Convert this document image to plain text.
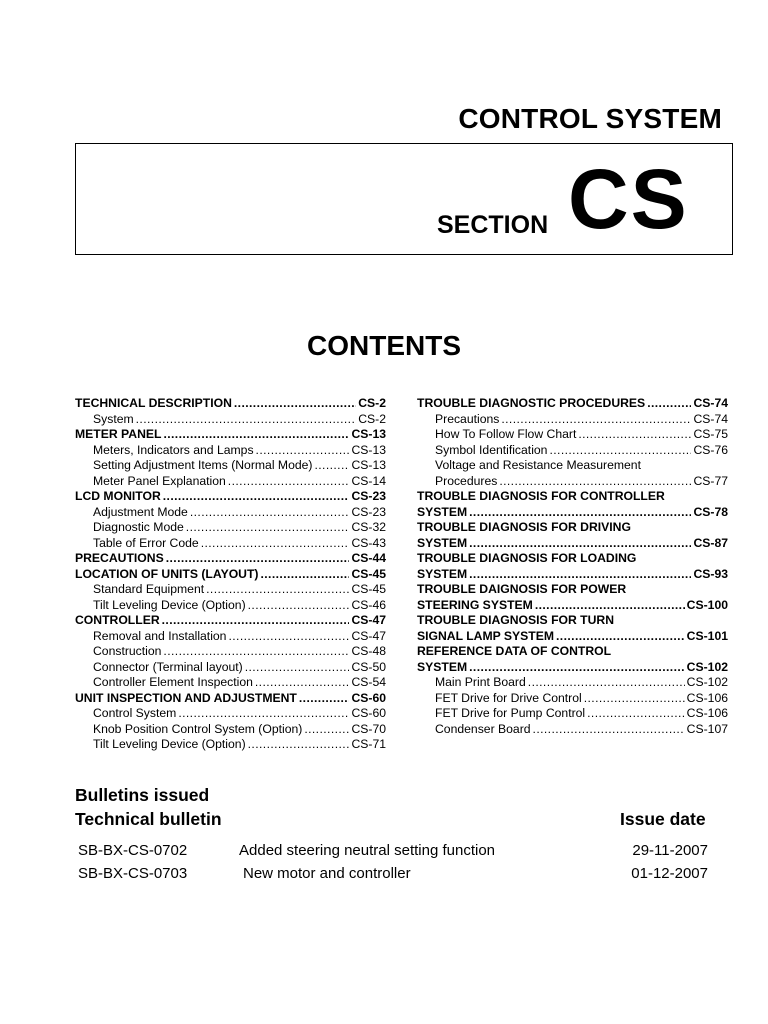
CONTROL SYSTEM
SECTION CS
CONTENTS
TECHNICAL DESCRIPTION .....	CS-2
System .....	CS-2
METER PANEL .....	CS-13
Meters, Indicators and Lamps .....	CS-13
Setting Adjustment Items (Normal Mode) .....	CS-13
Meter Panel Explanation .....	CS-14
LCD MONITOR .....	CS-23
Adjustment Mode .....	CS-23
Diagnostic Mode .....	CS-32
Table of Error Code .....	CS-43
PRECAUTIONS .....	CS-44
LOCATION OF UNITS (LAYOUT) .....	CS-45
Standard Equipment .....	CS-45
Tilt Leveling Device (Option) .....	CS-46
CONTROLLER .....	CS-47
Removal and Installation .....	CS-47
Construction .....	CS-48
Connector (Terminal layout) .....	CS-50
Controller Element Inspection .....	CS-54
UNIT INSPECTION AND ADJUSTMENT .....	CS-60
Control System .....	CS-60
Knob Position Control System (Option) .....	CS-70
Tilt Leveling Device (Option) .....	CS-71
TROUBLE DIAGNOSTIC PROCEDURES .....	CS-74
Precautions .....	CS-74
How To Follow Flow Chart .....	CS-75
Symbol Identification .....	CS-76
Voltage and Resistance Measurement
Procedures .....	CS-77
TROUBLE DIAGNOSIS FOR CONTROLLER
SYSTEM .....	CS-78
TROUBLE DIAGNOSIS FOR DRIVING
SYSTEM .....	CS-87
TROUBLE DIAGNOSIS FOR LOADING
SYSTEM .....	CS-93
TROUBLE DAIGNOSIS FOR POWER
STEERING SYSTEM .....	CS-100
TROUBLE DIAGNOSIS FOR TURN
SIGNAL LAMP SYSTEM .....	CS-101
REFERENCE DATA OF CONTROL
SYSTEM .....	CS-102
Main Print Board .....	CS-102
FET Drive for Drive Control .....	CS-106
FET Drive for Pump Control .....	CS-106
Condenser Board .....	CS-107
Bulletins issued
Technical bulletin	Issue date
SB-BX-CS-0702	Added steering neutral setting function	29-11-2007
SB-BX-CS-0703	New motor and controller	01-12-2007
